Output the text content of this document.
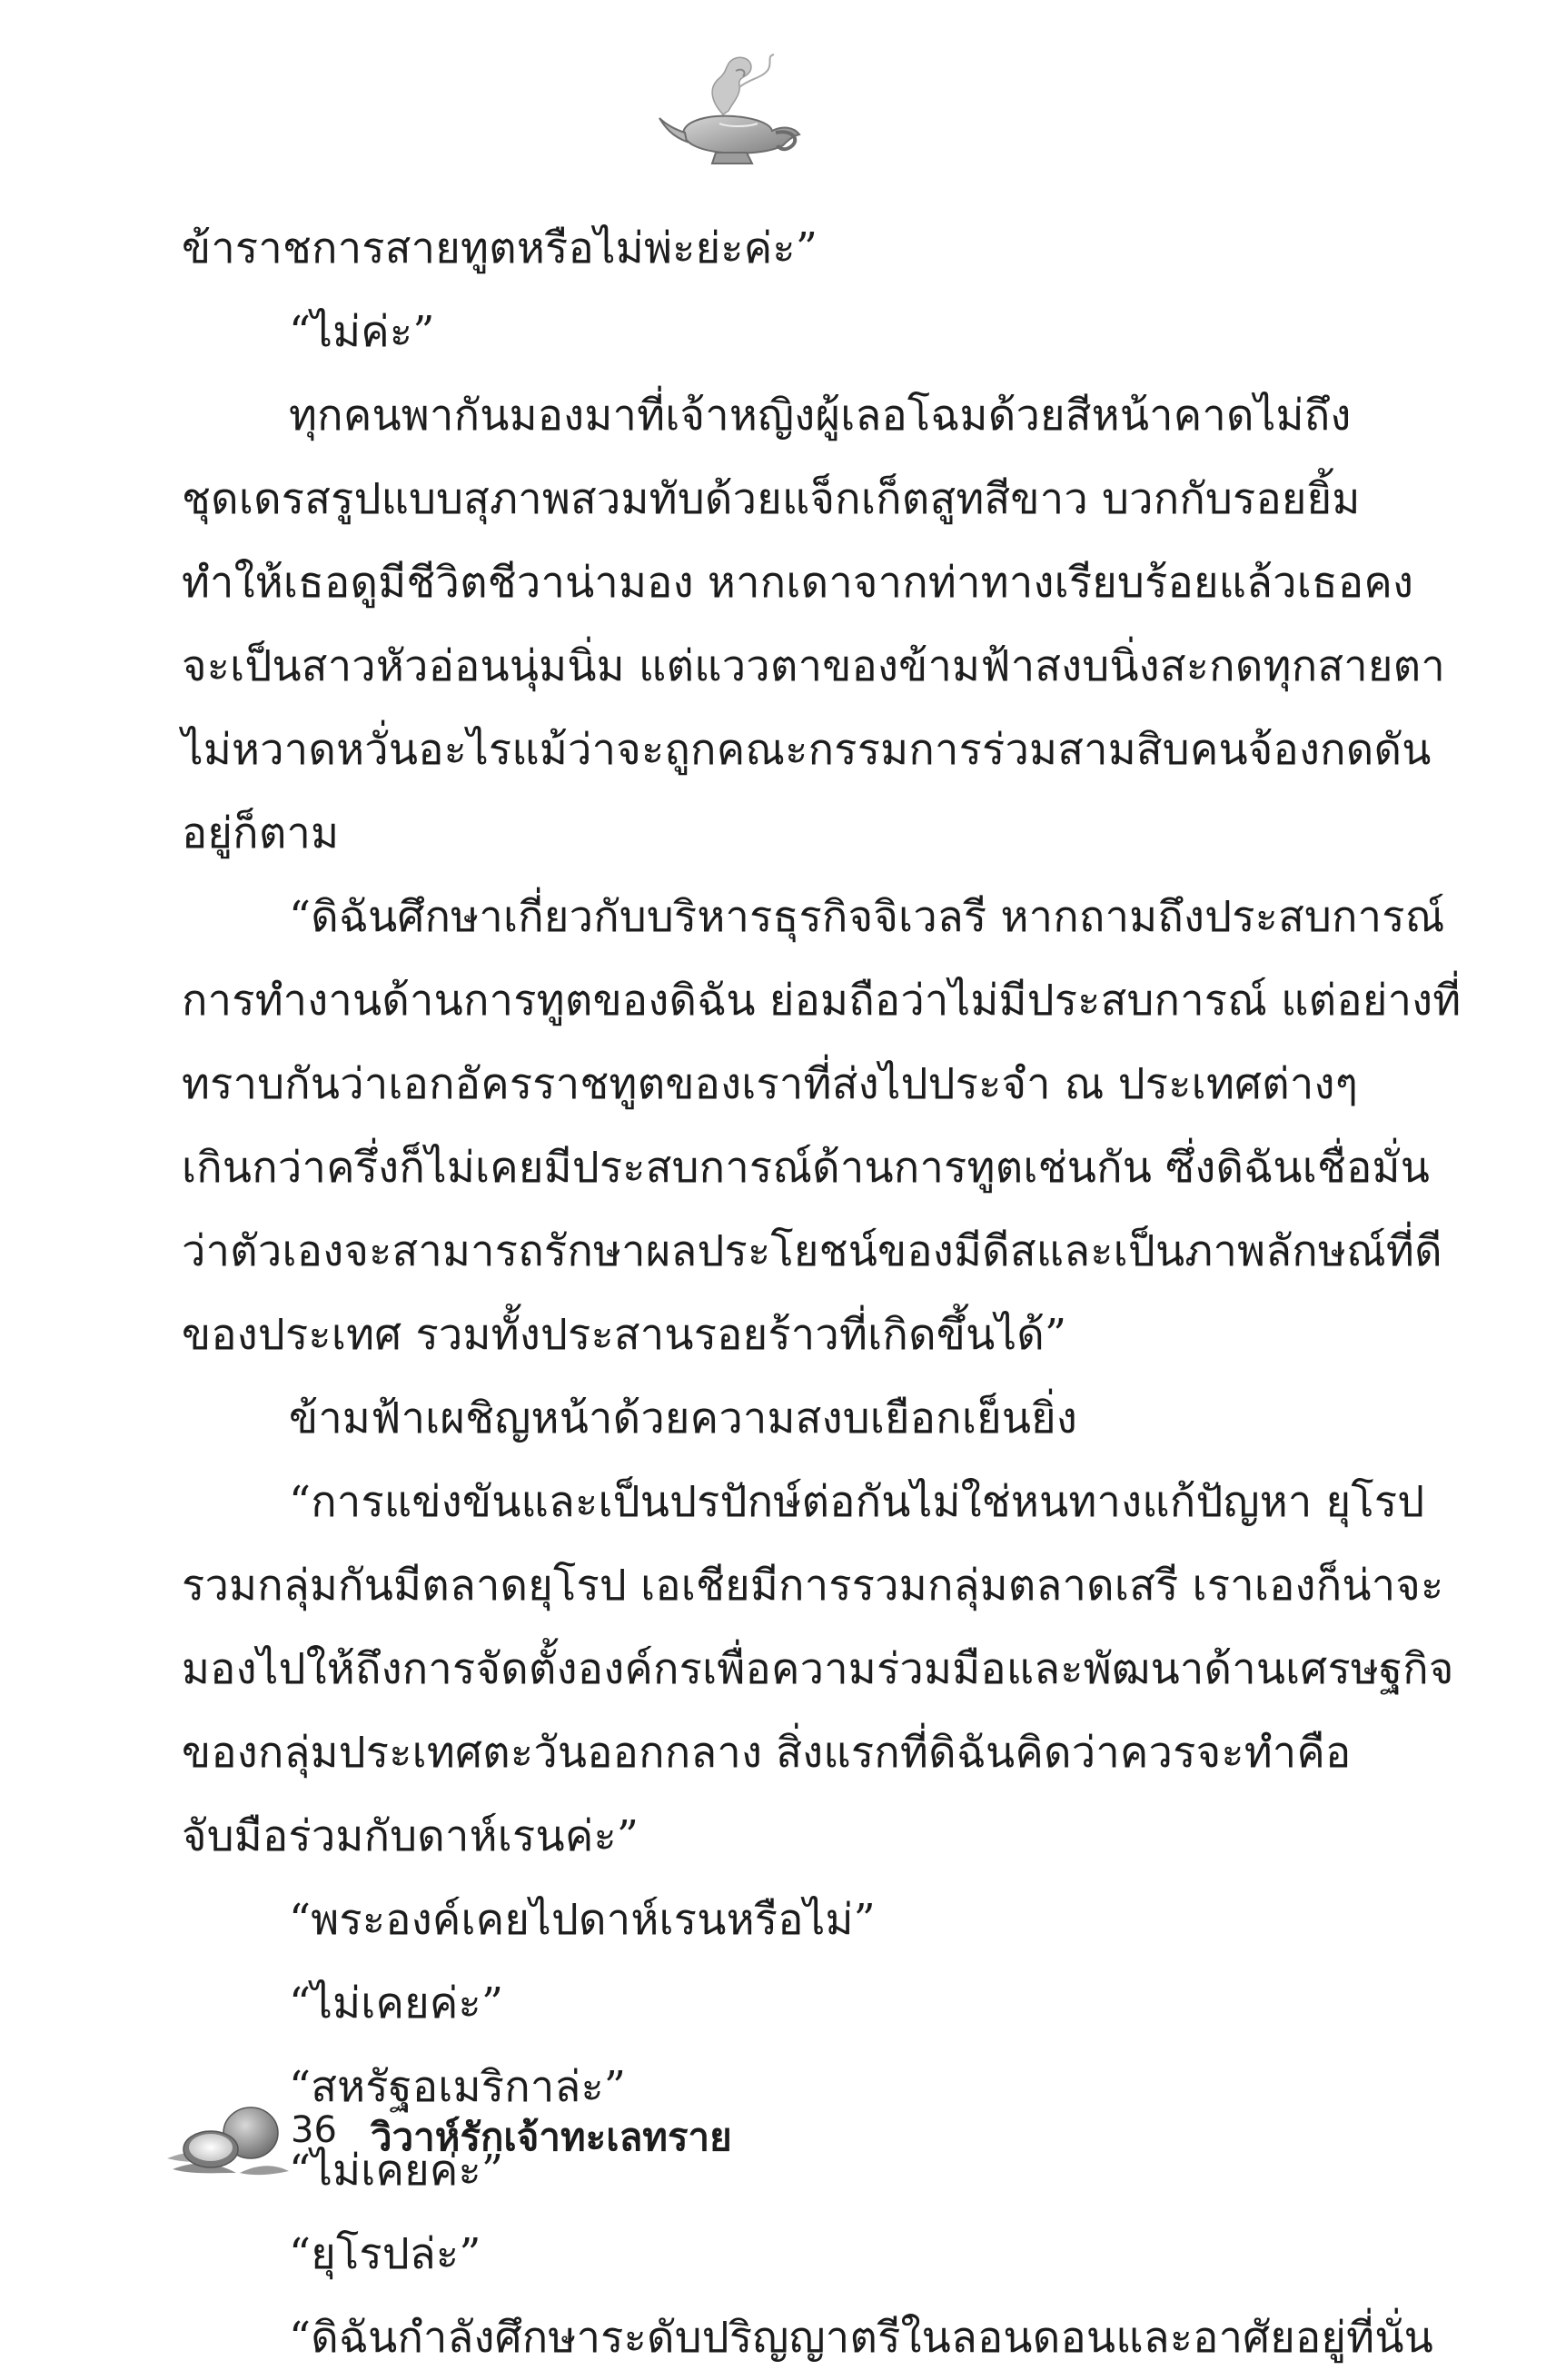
ข้าราชการสายทูตหรือไม่พ่ะย่ะค่ะ”
“ไม่ค่ะ”
ทุกคนพากันมองมาที่เจ้าหญิงผู้เลอโฉมด้วยสีหน้าคาดไม่ถึง
ชุดเดรสรูปแบบสุภาพสวมทับด้วยแจ็กเก็ตสูทสีขาว บวกกับรอยยิ้ม
ทำให้เธอดูมีชีวิตชีวาน่ามอง หากเดาจากท่าทางเรียบร้อยแล้วเธอคง
จะเป็นสาวหัวอ่อนนุ่มนิ่ม แต่แววตาของข้ามฟ้าสงบนิ่งสะกดทุกสายตา
ไม่หวาดหวั่นอะไรแม้ว่าจะถูกคณะกรรมการร่วมสามสิบคนจ้องกดดัน
อยู่ก็ตาม
“ดิฉันศึกษาเกี่ยวกับบริหารธุรกิจจิเวลรี หากถามถึงประสบการณ์
การทำงานด้านการทูตของดิฉัน ย่อมถือว่าไม่มีประสบการณ์ แต่อย่างที่
ทราบกันว่าเอกอัครราชทูตของเราที่ส่งไปประจำ ณ ประเทศต่างๆ
เกินกว่าครึ่งก็ไม่เคยมีประสบการณ์ด้านการทูตเช่นกัน ซึ่งดิฉันเชื่อมั่น
ว่าตัวเองจะสามารถรักษาผลประโยชน์ของมีดีสและเป็นภาพลักษณ์ที่ดี
ของประเทศ รวมทั้งประสานรอยร้าวที่เกิดขึ้นได้”
ข้ามฟ้าเผชิญหน้าด้วยความสงบเยือกเย็นยิ่ง
“การแข่งขันและเป็นปรปักษ์ต่อกันไม่ใช่หนทางแก้ปัญหา ยุโรป
รวมกลุ่มกันมีตลาดยุโรป เอเชียมีการรวมกลุ่มตลาดเสรี เราเองก็น่าจะ
มองไปให้ถึงการจัดตั้งองค์กรเพื่อความร่วมมือและพัฒนาด้านเศรษฐกิจ
ของกลุ่มประเทศตะวันออกกลาง สิ่งแรกที่ดิฉันคิดว่าควรจะทำคือ
จับมือร่วมกับดาห์เรนค่ะ”
“พระองค์เคยไปดาห์เรนหรือไม่”
“ไม่เคยค่ะ”
“สหรัฐอเมริกาล่ะ”
“ไม่เคยค่ะ”
“ยุโรปล่ะ”
“ดิฉันกำลังศึกษาระดับปริญญาตรีในลอนดอนและอาศัยอยู่ที่นั่น
36 วิวาห์รักเจ้าทะเลทราย
